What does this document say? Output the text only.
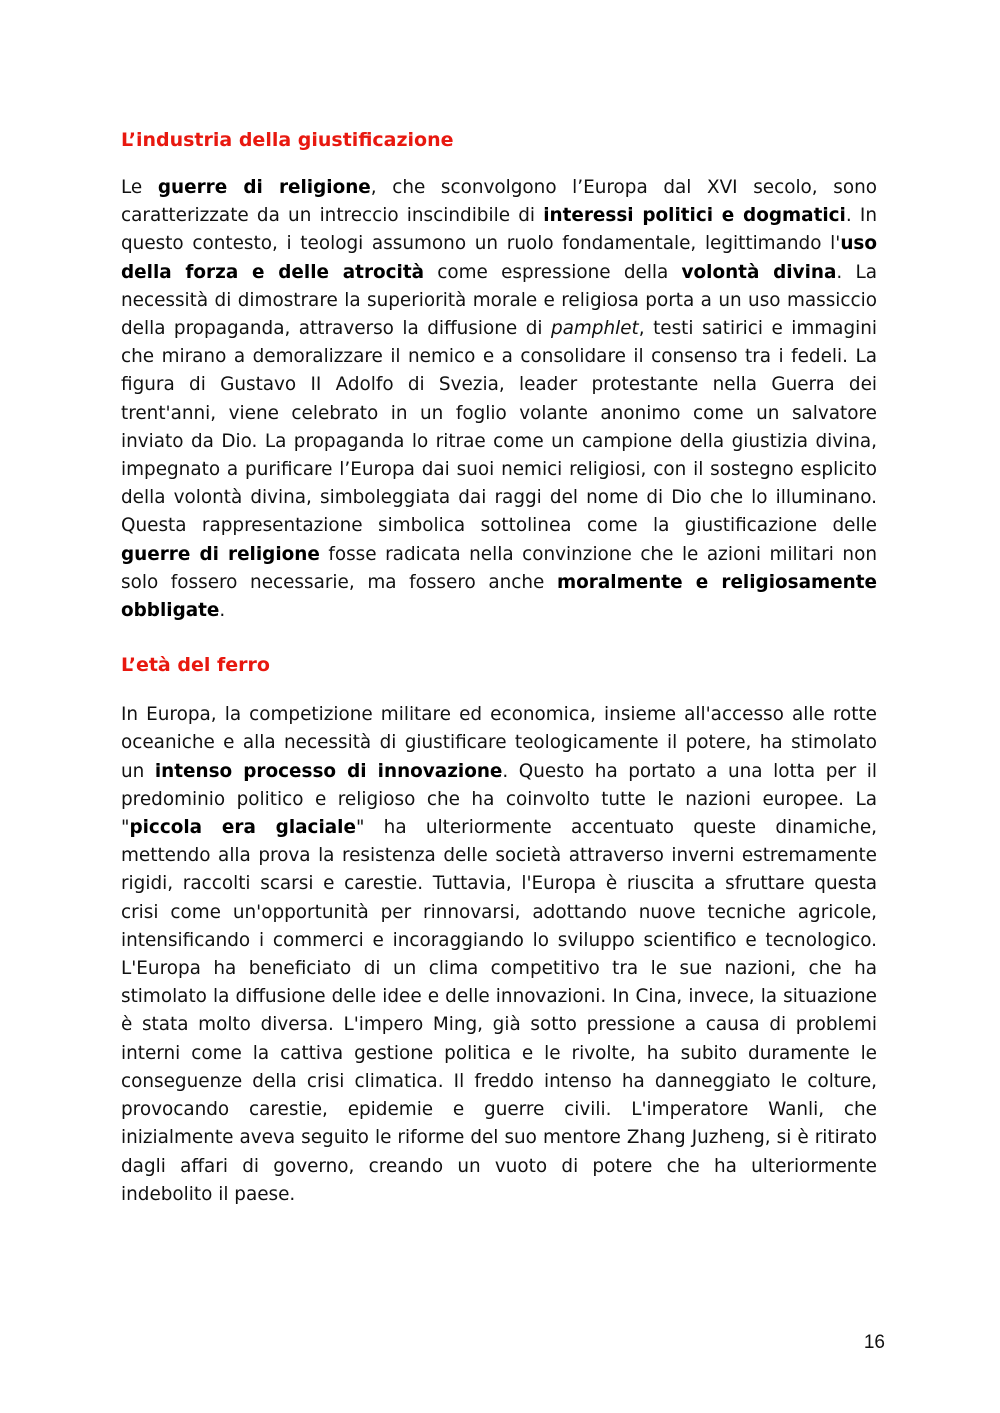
L’industria della giustificazione

Le guerre di religione, che sconvolgono l’Europa dal XVI secolo, sono caratterizzate da un intreccio inscindibile di interessi politici e dogmatici. In questo contesto, i teologi assumono un ruolo fondamentale, legittimando l'uso della forza e delle atrocità come espressione della volontà divina. La necessità di dimostrare la superiorità morale e religiosa porta a un uso massiccio della propaganda, attraverso la diffusione di pamphlet, testi satirici e immagini che mirano a demoralizzare il nemico e a consolidare il consenso tra i fedeli. La figura di Gustavo II Adolfo di Svezia, leader protestante nella Guerra dei trent'anni, viene celebrato in un foglio volante anonimo come un salvatore inviato da Dio. La propaganda lo ritrae come un campione della giustizia divina, impegnato a purificare l’Europa dai suoi nemici religiosi, con il sostegno esplicito della volontà divina, simboleggiata dai raggi del nome di Dio che lo illuminano. Questa rappresentazione simbolica sottolinea come la giustificazione delle guerre di religione fosse radicata nella convinzione che le azioni militari non solo fossero necessarie, ma fossero anche moralmente e religiosamente obbligate.

L’età del ferro

In Europa, la competizione militare ed economica, insieme all'accesso alle rotte oceaniche e alla necessità di giustificare teologicamente il potere, ha stimolato un intenso processo di innovazione. Questo ha portato a una lotta per il predominio politico e religioso che ha coinvolto tutte le nazioni europee. La "piccola era glaciale" ha ulteriormente accentuato queste dinamiche, mettendo alla prova la resistenza delle società attraverso inverni estremamente rigidi, raccolti scarsi e carestie. Tuttavia, l'Europa è riuscita a sfruttare questa crisi come un'opportunità per rinnovarsi, adottando nuove tecniche agricole, intensificando i commerci e incoraggiando lo sviluppo scientifico e tecnologico. L'Europa ha beneficiato di un clima competitivo tra le sue nazioni, che ha stimolato la diffusione delle idee e delle innovazioni. In Cina, invece, la situazione è stata molto diversa. L'impero Ming, già sotto pressione a causa di problemi interni come la cattiva gestione politica e le rivolte, ha subito duramente le conseguenze della crisi climatica. Il freddo intenso ha danneggiato le colture, provocando carestie, epidemie e guerre civili. L'imperatore Wanli, che inizialmente aveva seguito le riforme del suo mentore Zhang Juzheng, si è ritirato dagli affari di governo, creando un vuoto di potere che ha ulteriormente indebolito il paese.

16
